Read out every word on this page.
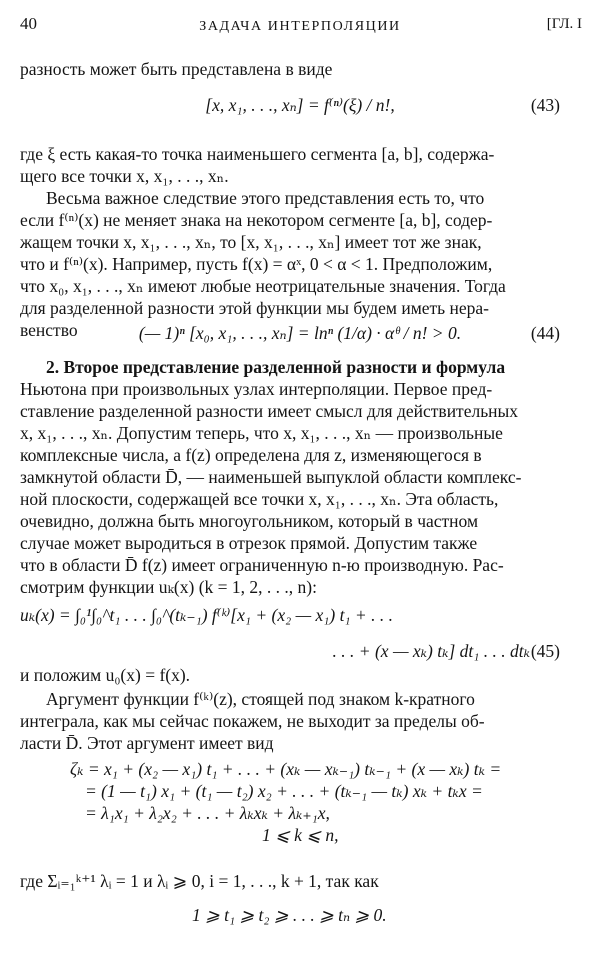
40	ЗАДАЧА ИНТЕРПОЛЯЦИИ	[ГЛ. I
разность может быть представлена в виде
[x, x₁, . . ., xₙ] = f⁽ⁿ⁾(ξ) / n!,	(43)
где ξ есть какая-то точка наименьшего сегмента [a, b], содержа-
щего все точки x, x₁, . . ., xₙ.
Весьма важное следствие этого представления есть то, что
если f⁽ⁿ⁾(x) не меняет знака на некотором сегменте [a, b], содер-
жащем точки x, x₁, . . ., xₙ, то [x, x₁, . . ., xₙ] имеет тот же знак,
что и f⁽ⁿ⁾(x). Например, пусть f(x) = αˣ, 0 < α < 1. Предположим,
что x₀, x₁, . . ., xₙ имеют любые неотрицательные значения. Тогда
для разделенной разности этой функции мы будем иметь нера-
венство	(— 1)ⁿ [x₀, x₁, . . ., xₙ] = lnⁿ (1/α) · αᶿ / n! > 0.	(44)
2. Второе представление разделенной разности и формула
Ньютона при произвольных узлах интерполяции. Первое пред-
ставление разделенной разности имеет смысл для действительных
x, x₁, . . ., xₙ. Допустим теперь, что x, x₁, . . ., xₙ — произвольные
комплексные числа, а f(z) определена для z, изменяющегося в
замкнутой области D̄, — наименьшей выпуклой области комплекс-
ной плоскости, содержащей все точки x, x₁, . . ., xₙ. Эта область,
очевидно, должна быть многоугольником, который в частном
случае может выродиться в отрезок прямой. Допустим также
что в области D̄ f(z) имеет ограниченную n-ю производную. Рас-
смотрим функции uₖ(x) (k = 1, 2, . . ., n):
uₖ(x) = ∫₀¹∫₀^t₁ . . . ∫₀^(tₖ₋₁) f⁽ᵏ⁾[x₁ + (x₂ — x₁) t₁ + . . .
. . . + (x — xₖ) tₖ] dt₁ . . . dtₖ (45)
и положим u₀(x) = f(x).
Аргумент функции f⁽ᵏ⁾(z), стоящей под знаком k-кратного
интеграла, как мы сейчас покажем, не выходит за пределы об-
ласти D̄. Этот аргумент имеет вид
ζₖ = x₁ + (x₂ — x₁) t₁ + . . . + (xₖ — xₖ₋₁) tₖ₋₁ + (x — xₖ) tₖ =
= (1 — t₁) x₁ + (t₁ — t₂) x₂ + . . . + (tₖ₋₁ — tₖ) xₖ + tₖx =
= λ₁x₁ + λ₂x₂ + . . . + λₖxₖ + λₖ₊₁x,
1 ⩽ k ⩽ n,
где Σᵢ₌₁ᵏ⁺¹ λᵢ = 1 и λᵢ ⩾ 0, i = 1, . . ., k + 1, так как
1 ⩾ t₁ ⩾ t₂ ⩾ . . . ⩾ tₙ ⩾ 0.
